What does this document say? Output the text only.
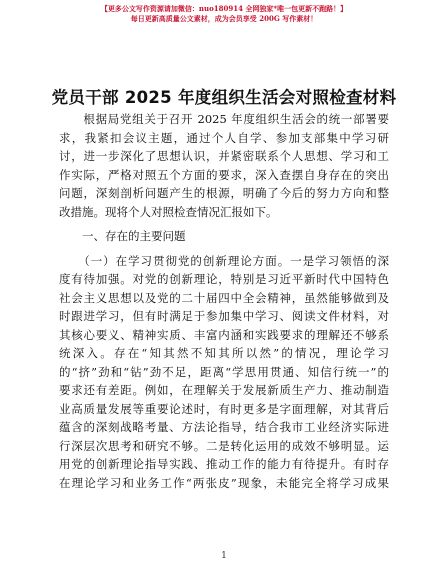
【更多公文写作资源请加微信：nuo180914 全网独家*唯一包更新不跑路！】
每日更新高质量公文素材，成为会员享受 200G 写作素材！
党员干部 2025 年度组织生活会对照检查材料
　　根据局党组关于召开 2025 年度组织生活会的统一部署要
求，我紧扣会议主题，通过个人自学、参加支部集中学习研
讨，进一步深化了思想认识，并紧密联系个人思想、学习和工
作实际，严格对照五个方面的要求，深入查摆自身存在的突出
问题，深刻剖析问题产生的根源，明确了今后的努力方向和整
改措施。现将个人对照检查情况汇报如下。
　　一、存在的主要问题
　　（一）在学习贯彻党的创新理论方面。一是学习领悟的深
度有待加强。对党的创新理论，特别是习近平新时代中国特色
社会主义思想以及党的二十届四中全会精神，虽然能够做到及
时跟进学习，但有时满足于参加集中学习、阅读文件材料，对
其核心要义、精神实质、丰富内涵和实践要求的理解还不够系
统深入。存在“知其然不知其所以然”的情况，理论学习
的“挤”劲和“钻”劲不足，距离“学思用贯通、知信行统一”的
要求还有差距。例如，在理解关于发展新质生产力、推动制造
业高质量发展等重要论述时，有时更多是字面理解，对其背后
蕴含的深刻战略考量、方法论指导，结合我市工业经济实际进
行深层次思考和研究不够。二是转化运用的成效不够明显。运
用党的创新理论指导实践、推动工作的能力有待提升。有时存
在理论学习和业务工作“两张皮”现象，未能完全将学习成果
1
